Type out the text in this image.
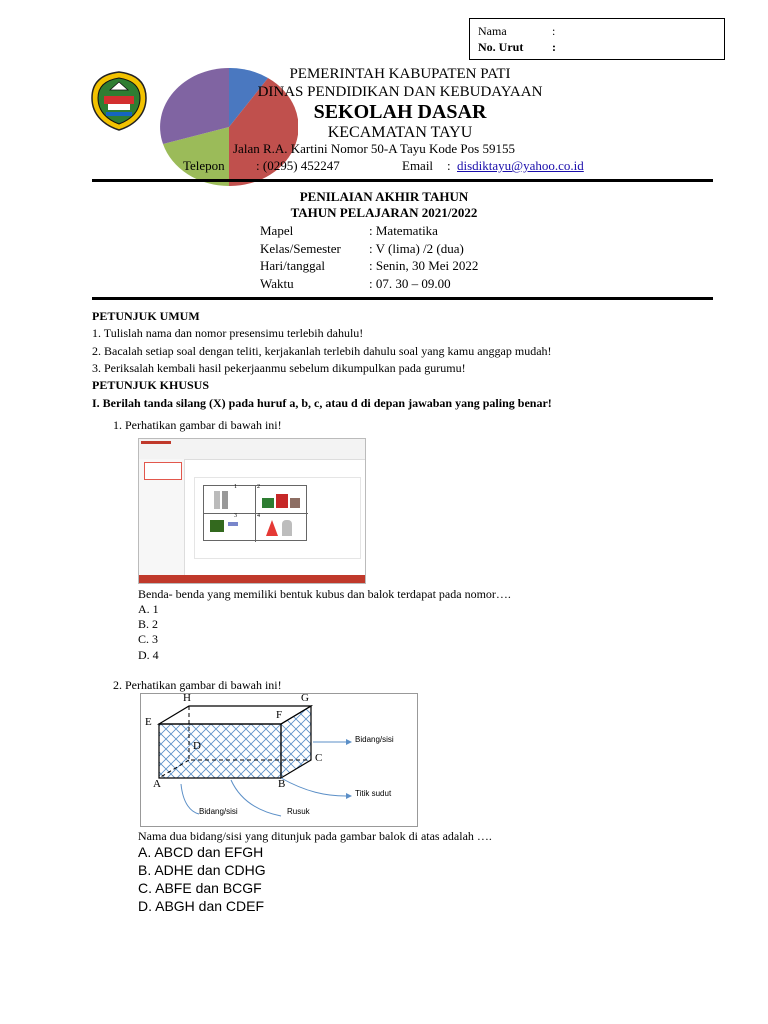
Nama	:
No. Urut :
PEMERINTAH KABUPATEN PATI
DINAS PENDIDIKAN DAN KEBUDAYAAN
SEKOLAH DASAR
KECAMATAN TAYU
Jalan R.A. Kartini Nomor 50-A Tayu Kode Pos 59155
Telepon : (0295) 452247	Email : disdiktayu@yahoo.co.id
PENILAIAN AKHIR TAHUN
TAHUN PELAJARAN 2021/2022
Mapel	: Matematika
Kelas/Semester : V (lima) /2 (dua)
Hari/tanggal	: Senin, 30 Mei 2022
Waktu	: 07. 30 – 09.00
PETUNJUK UMUM
1. Tulislah nama dan nomor presensimu terlebih dahulu!
2. Bacalah setiap soal dengan teliti, kerjakanlah terlebih dahulu soal yang kamu anggap mudah!
3. Periksalah kembali hasil pekerjaanmu sebelum dikumpulkan pada gurumu!
PETUNJUK KHUSUS
I. Berilah tanda silang (X) pada huruf a, b, c, atau d di depan jawaban yang paling benar!
1. Perhatikan gambar di bawah ini!
1	2
3	4
Benda- benda yang memiliki bentuk kubus dan balok terdapat pada nomor….
A. 1
B. 2
C. 3
D. 4
2. Perhatikan gambar di bawah ini!
H	G
E
F
D
C
A	B
Bidang/sisi
Titik sudut
Bidang/sisi	Rusuk
Nama dua bidang/sisi yang ditunjuk pada gambar balok di atas adalah ….
A. ABCD dan EFGH
B. ADHE dan CDHG
C. ABFE dan BCGF
D. ABGH dan CDEF
